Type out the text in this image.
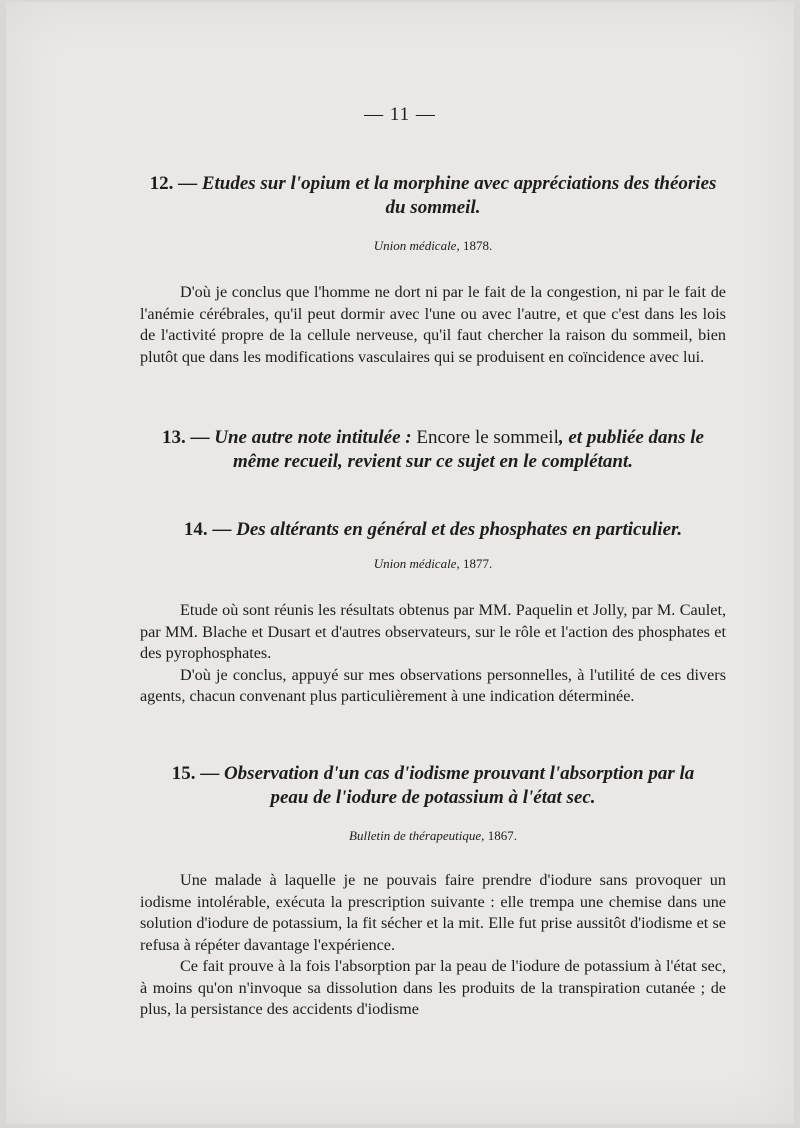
— 11 —
12. — Etudes sur l'opium et la morphine avec appréciations des théories
du sommeil.
Union médicale, 1878.

D'où je conclus que l'homme ne dort ni par le fait de la congestion, ni par le fait de l'anémie cérébrales, qu'il peut dormir avec l'une ou avec l'autre, et que c'est dans les lois de l'activité propre de la cellule nerveuse, qu'il faut chercher la raison du sommeil, bien plutôt que dans les modifications vasculaires qui se produisent en coïncidence avec lui.

13. — Une autre note intitulée : Encore le sommeil, et publiée dans le
même recueil, revient sur ce sujet en le complétant.
14. — Des altérants en général et des phosphates en particulier.
Union médicale, 1877.

Etude où sont réunis les résultats obtenus par MM. Paquelin et Jolly, par M. Caulet, par MM. Blache et Dusart et d'autres observateurs, sur le rôle et l'action des phosphates et des pyrophosphates.

D'où je conclus, appuyé sur mes observations personnelles, à l'utilité de ces divers agents, chacun convenant plus particulièrement à une indication déterminée.

15. — Observation d'un cas d'iodisme prouvant l'absorption par la
peau de l'iodure de potassium à l'état sec.
Bulletin de thérapeutique, 1867.

Une malade à laquelle je ne pouvais faire prendre d'iodure sans provoquer un iodisme intolérable, exécuta la prescription suivante : elle trempa une chemise dans une solution d'iodure de potassium, la fit sécher et la mit. Elle fut prise aussitôt d'iodisme et se refusa à répéter davantage l'expérience.

Ce fait prouve à la fois l'absorption par la peau de l'iodure de potassium à l'état sec, à moins qu'on n'invoque sa dissolution dans les produits de la transpiration cutanée ; de plus, la persistance des accidents d'iodisme
